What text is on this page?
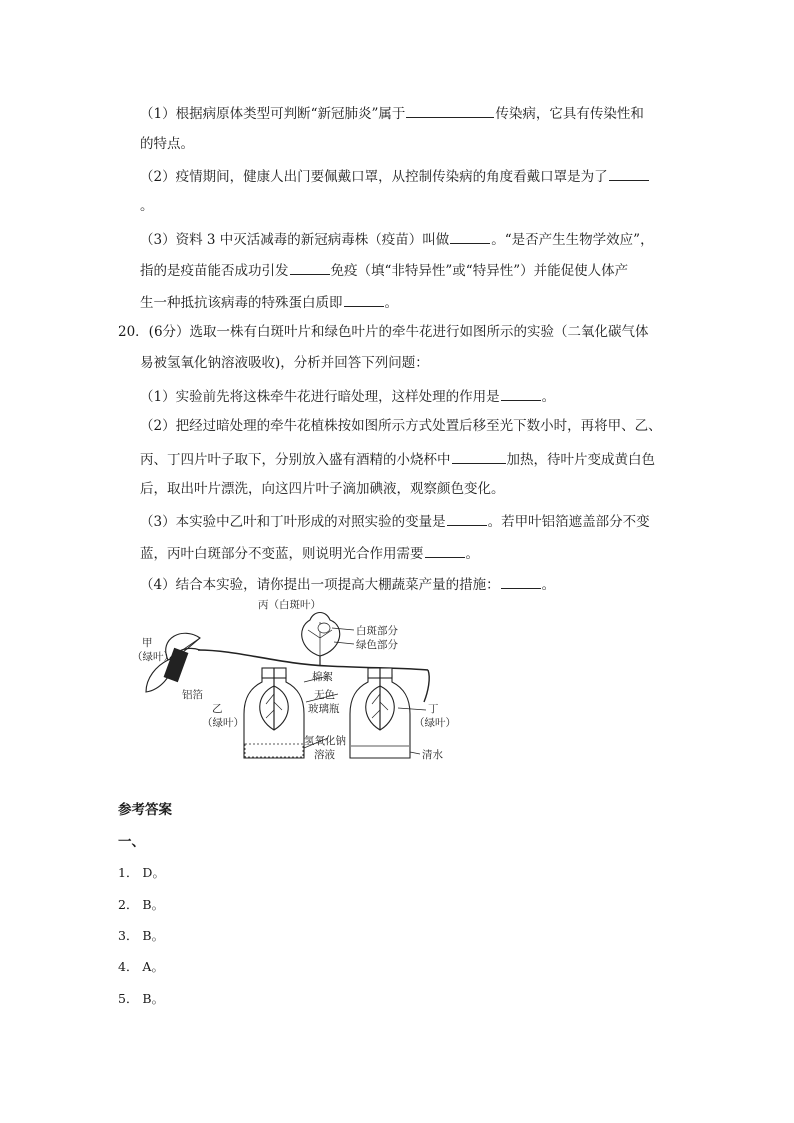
（1）根据病原体类型可判断“新冠肺炎”属于	传染病，它具有传染性和
的特点。
（2）疫情期间，健康人出门要佩戴口罩，从控制传染病的角度看戴口罩是为了
。
（3）资料 3 中灭活减毒的新冠病毒株（疫苗）叫做	。“是否产生生物学效应”，
指的是疫苗能否成功引发	免疫（填“非特异性”或“特异性”）并能促使人体产
生一种抵抗该病毒的特殊蛋白质即	。
20．(6分）选取一株有白斑叶片和绿色叶片的牵牛花进行如图所示的实验（二氧化碳气体
易被氢氧化钠溶液吸收)，分析并回答下列问题：
（1）实验前先将这株牵牛花进行暗处理，这样处理的作用是	。
（2）把经过暗处理的牵牛花植株按如图所示方式处置后移至光下数小时，再将甲、乙、
丙、丁四片叶子取下，分别放入盛有酒精的小烧杯中	加热，待叶片变成黄白色
后，取出叶片漂洗，向这四片叶子滴加碘液，观察颜色变化。
（3）本实验中乙叶和丁叶形成的对照实验的变量是	。若甲叶铝箔遮盖部分不变
蓝，丙叶白斑部分不变蓝，则说明光合作用需要	。
（4）结合本实验，请你提出一项提高大棚蔬菜产量的措施：	。
丙（白斑叶）
白斑部分
绿色部分
甲
（绿叶）
铝箔
棉絮
乙
（绿叶）
无色
玻璃瓶	丁
（绿叶）
氢氧化钠
溶液	清水
参考答案
一、
1． D。
2． B。
3． B。
4． A。
5． B。
